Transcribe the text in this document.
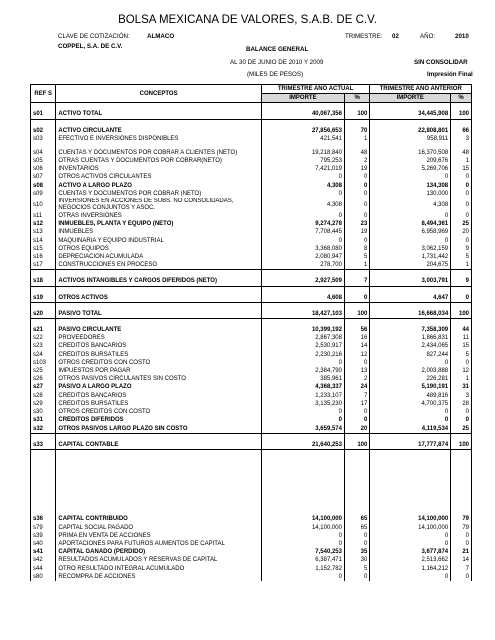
BOLSA MEXICANA DE VALORES, S.A.B. DE C.V.
CLAVE DE COTIZACIÓN:	ALMACO	TRIMESTRE: 02	AÑO:	2010
COPPEL, S.A. DE C.V.	BALANCE GENERAL
AL 30 DE JUNIO DE 2010 Y 2009	SIN CONSOLIDAR
(MILES DE PESOS)	Impresión Final
REF S	CONCEPTOS	TRIMESTRE AÑO ACTUAL		TRIMESTRE AÑO ANTERIOR	
		IMPORTE	%	IMPORTE	%

s01	ACTIVO TOTAL	40,067,356	100	34,445,908	100

s02	ACTIVO CIRCULANTE	27,856,653	70	22,808,801	66
s03	EFECTIVO E INVERSIONES DISPONIBLES	421,541	1	958,911	3
s04	CUENTAS Y DOCUMENTOS POR COBRAR A CLIENTES (NETO)	19,218,840	48	16,370,508	48
s05	OTRAS CUENTAS Y DOCUMENTOS POR COBRAR(NETO)	795,253	2	209,676	1
s06	INVENTARIOS	7,421,019	19	5,269,706	15
s07	OTROS ACTIVOS CIRCULANTES	0	0	0	0
s08	ACTIVO A LARGO PLAZO	4,308	0	134,308	0
s09	CUENTAS Y DOCUMENTOS POR COBRAR (NETO)	0	0	130,000	0
s10	INVERSIONES EN ACCIONES DE SUBS. NO CONSOLIDADAS, NEGOCIOS CONJUNTOS Y ASOC.	4,308	0	4,308	0
s11	OTRAS INVERSIONES	0	0	0	0
s12	INMUEBLES, PLANTA Y EQUIPO (NETO)	9,274,278	23	8,494,361	25
s13	INMUEBLES	7,708,445	19	6,958,969	20
s14	MAQUINARIA Y EQUIPO INDUSTRIAL	0	0	0	0
s15	OTROS EQUIPOS	3,368,080	8	3,062,159	9
s16	DEPRECIACIÓN ACUMULADA	2,080,947	5	1,731,442	5
s17	CONSTRUCCIONES EN PROCESO	278,700	1	204,675	1

s18	ACTIVOS INTANGIBLES Y CARGOS DIFERIDOS (NETO)	2,927,509	7	3,003,791	9

s19	OTROS ACTIVOS	4,608	0	4,647	0

s20	PASIVO TOTAL	18,427,103	100	16,668,034	100

s21	PASIVO CIRCULANTE	10,399,192	56	7,358,309	44
s22	PROVEEDORES	2,867,308	16	1,866,831	11
s23	CRÉDITOS BANCARIOS	2,530,917	14	2,434,065	15
s24	CRÉDITOS BURSÁTILES	2,230,216	12	827,244	5
s103	OTROS CRÉDITOS CON COSTO	0	0	0	0
s25	IMPUESTOS POR PAGAR	2,384,790	13	2,003,888	12
s26	OTROS PASIVOS CIRCULANTES SIN COSTO	385,961	2	226,281	1
s27	PASIVO A LARGO PLAZO	4,368,337	24	5,190,191	31
s28	CRÉDITOS BANCARIOS	1,233,107	7	489,816	3
s29	CRÉDITOS BURSÁTILES	3,135,230	17	4,700,375	28
s30	OTROS CRÉDITOS CON COSTO	0	0	0	0
s31	CRÉDITOS DIFERIDOS	0	0	0	0
s32	OTROS PASIVOS LARGO PLAZO SIN COSTO	3,659,574	20	4,119,534	25

s33	CAPITAL CONTABLE	21,640,253	100	17,777,874	100

s36	CAPITAL CONTRIBUIDO	14,100,000	65	14,100,000	79
s79	CAPITAL SOCIAL PAGADO	14,100,000	65	14,100,000	79
s39	PRIMA EN VENTA DE ACCIONES	0	0	0	0
s40	APORTACIONES PARA FUTUROS AUMENTOS DE CAPITAL	0	0	0	0
s41	CAPITAL GANADO (PERDIDO)	7,540,253	35	3,677,874	21
s42	RESULTADOS ACUMULADOS Y RESERVAS DE CAPITAL	6,387,471	30	2,513,662	14
s44	OTRO RESULTADO INTEGRAL ACUMULADO	1,152,782	5	1,164,212	7
s80	RECOMPRA DE ACCIONES	0	0	0	0
